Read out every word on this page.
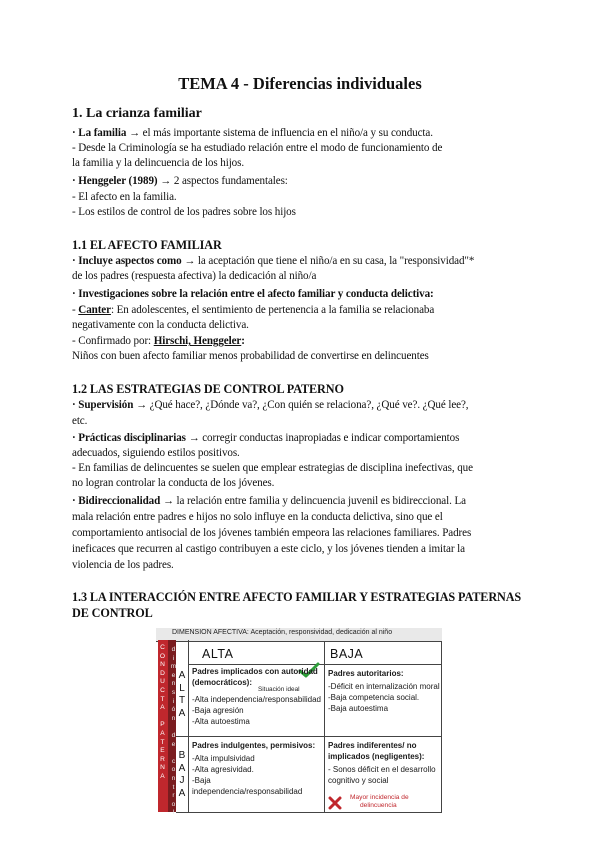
TEMA 4 - Diferencias individuales
1. La crianza familiar
· La familia → el más importante sistema de influencia en el niño/a y su conducta.
- Desde la Criminología se ha estudiado relación entre el modo de funcionamiento de
la familia y la delincuencia de los hijos.
· Henggeler (1989) → 2 aspectos fundamentales:
- El afecto en la familia.
- Los estilos de control de los padres sobre los hijos
1.1 EL AFECTO FAMILIAR
· Incluye aspectos como → la aceptación que tiene el niño/a en su casa, la "responsividad"*
de los padres (respuesta afectiva) la dedicación al niño/a
· Investigaciones sobre la relación entre el afecto familiar y conducta delictiva:
- Canter: En adolescentes, el sentimiento de pertenencia a la familia se relacionaba
negativamente con la conducta delictiva.
- Confirmado por: Hirschi, Henggeler:
Niños con buen afecto familiar menos probabilidad de convertirse en delincuentes
1.2 LAS ESTRATEGIAS DE CONTROL PATERNO
· Supervisión → ¿Qué hace?, ¿Dónde va?, ¿Con quién se relaciona?, ¿Qué ve?. ¿Qué lee?,
etc.
· Prácticas disciplinarias → corregir conductas inapropiadas e indicar comportamientos
adecuados, siguiendo estilos positivos.
- En familias de delincuentes se suelen que emplear estrategias de disciplina inefectivas, que
no logran controlar la conducta de los jóvenes.
· Bidireccionalidad → la relación entre familia y delincuencia juvenil es bidireccional. La
mala relación entre padres e hijos no solo influye en la conducta delictiva, sino que el
comportamiento antisocial de los jóvenes también empeora las relaciones familiares. Padres
ineficaces que recurren al castigo contribuyen a este ciclo, y los jóvenes tienden a imitar la
violencia de los padres.
1.3 LA INTERACCIÓN ENTRE AFECTO FAMILIAR Y ESTRATEGIAS PATERNAS
DE CONTROL
DIMENSION AFECTIVA: Aceptación, responsividad, dedicación al niño
C
O
N
D
U
C
T
A

P
A
T
E
R
N
A
d
i
m
e
n
s
i
ó
n

d
e

c
o
n
t
r
o
l
A
L
T
A
B
A
J
A
ALTA	BAJA
Padres implicados con autoridad (democráticos):
-Alta independencia/responsabilidad
-Baja agresión
-Alta autoestima
Situación ideal
Padres autoritarios:
-Déficit en internalización moral
-Baja competencia social.
-Baja autoestima
Padres indulgentes, permisivos:
-Alta impulsividad
-Alta agresividad.
-Baja independencia/responsabilidad
Padres indiferentes/ no implicados (negligentes):
- Sonos déficit en el desarrollo cognitivo y social
Mayor incidencia de
delincuencia
